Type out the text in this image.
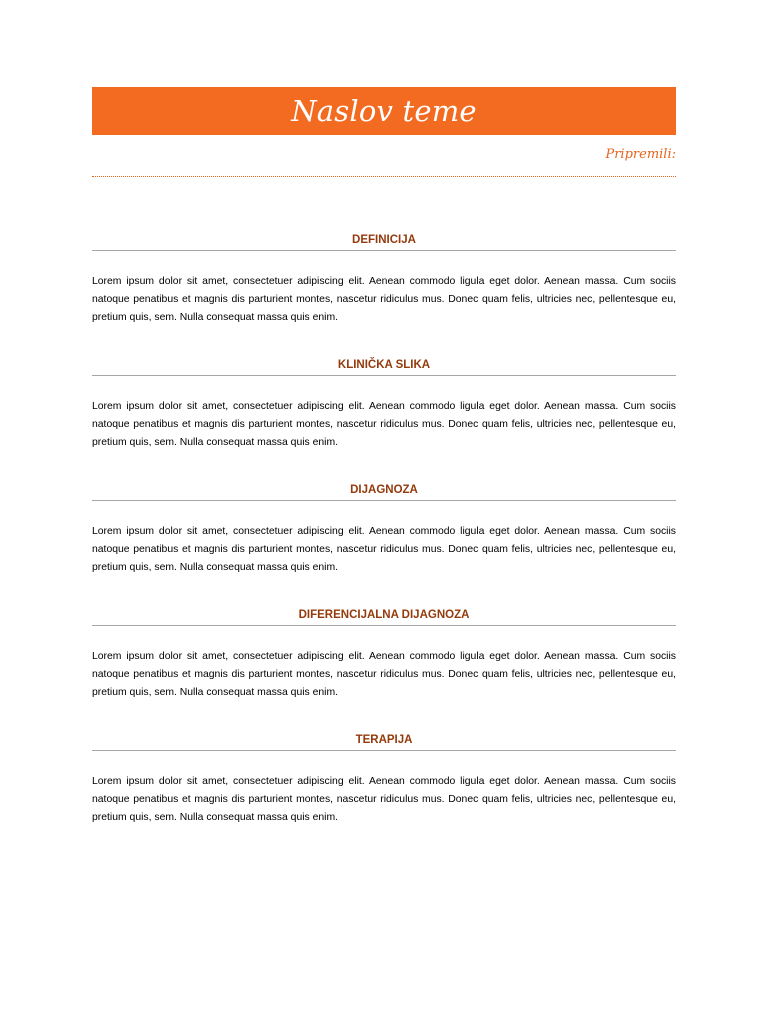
Naslov teme
Pripremili:
DEFINICIJA
Lorem ipsum dolor sit amet, consectetuer adipiscing elit. Aenean commodo ligula eget dolor. Aenean massa. Cum sociis natoque penatibus et magnis dis parturient montes, nascetur ridiculus mus. Donec quam felis, ultricies nec, pellentesque eu, pretium quis, sem. Nulla consequat massa quis enim.
KLINIČKA SLIKA
Lorem ipsum dolor sit amet, consectetuer adipiscing elit. Aenean commodo ligula eget dolor. Aenean massa. Cum sociis natoque penatibus et magnis dis parturient montes, nascetur ridiculus mus. Donec quam felis, ultricies nec, pellentesque eu, pretium quis, sem. Nulla consequat massa quis enim.
DIJAGNOZA
Lorem ipsum dolor sit amet, consectetuer adipiscing elit. Aenean commodo ligula eget dolor. Aenean massa. Cum sociis natoque penatibus et magnis dis parturient montes, nascetur ridiculus mus. Donec quam felis, ultricies nec, pellentesque eu, pretium quis, sem. Nulla consequat massa quis enim.
DIFERENCIJALNA DIJAGNOZA
Lorem ipsum dolor sit amet, consectetuer adipiscing elit. Aenean commodo ligula eget dolor. Aenean massa. Cum sociis natoque penatibus et magnis dis parturient montes, nascetur ridiculus mus. Donec quam felis, ultricies nec, pellentesque eu, pretium quis, sem. Nulla consequat massa quis enim.
TERAPIJA
Lorem ipsum dolor sit amet, consectetuer adipiscing elit. Aenean commodo ligula eget dolor. Aenean massa. Cum sociis natoque penatibus et magnis dis parturient montes, nascetur ridiculus mus. Donec quam felis, ultricies nec, pellentesque eu, pretium quis, sem. Nulla consequat massa quis enim.
